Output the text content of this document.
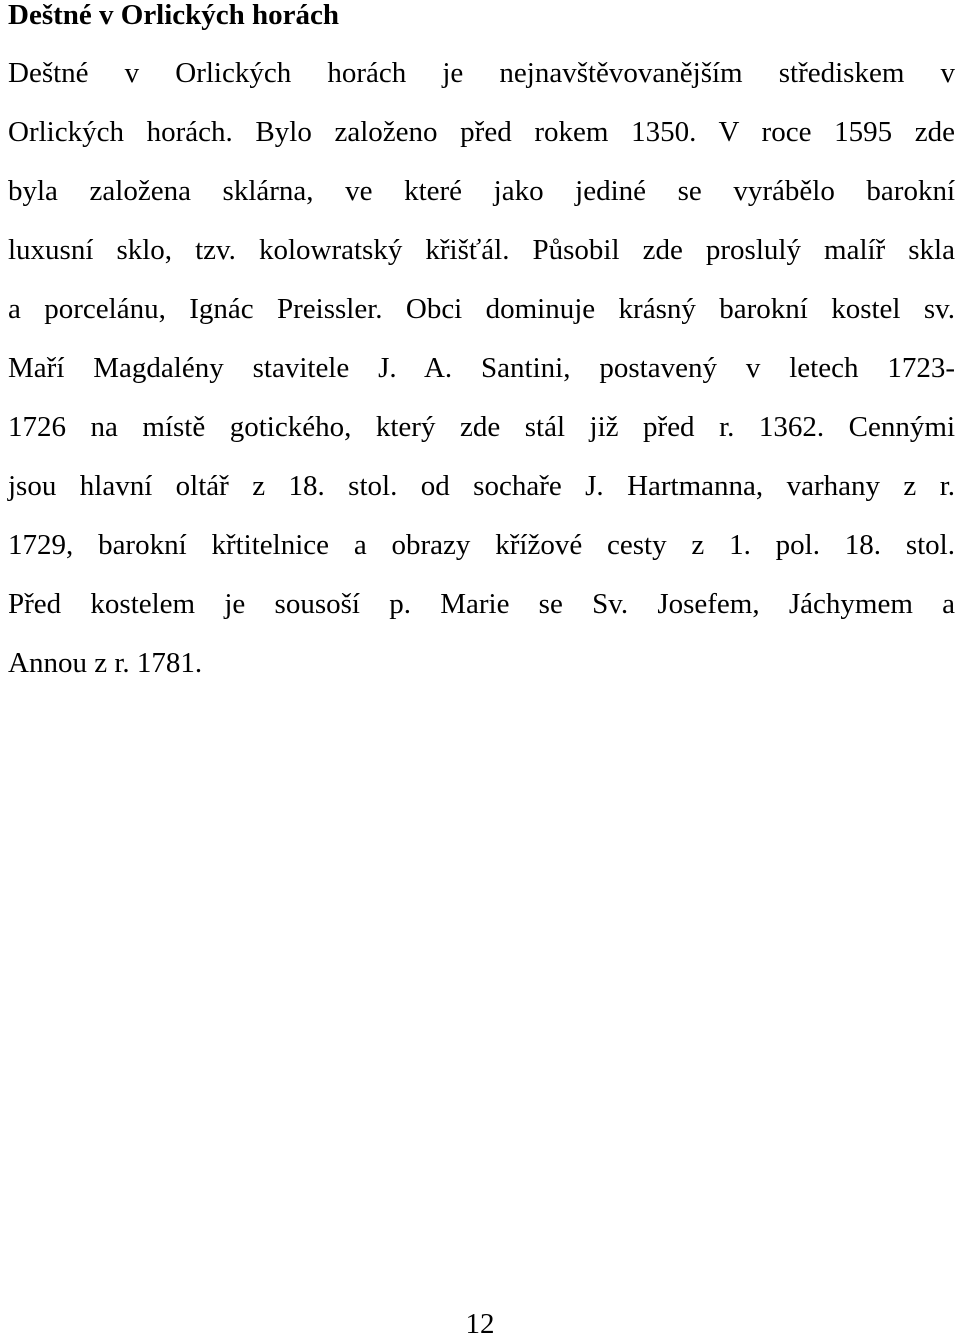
Deštné v Orlických horách

Deštné v Orlických horách je nejnavštěvovanějším střediskem v

Orlických horách. Bylo založeno před rokem 1350. V roce 1595 zde

byla založena sklárna, ve které jako jediné se vyrábělo barokní

luxusní sklo, tzv. kolowratský křišťál. Působil zde proslulý malíř skla

a porcelánu, Ignác Preissler. Obci dominuje krásný barokní kostel sv.

Maří Magdalény stavitele J. A. Santini, postavený v letech 1723-

1726 na místě gotického, který zde stál již před r. 1362. Cennými

jsou hlavní oltář z 18. stol. od sochaře J. Hartmanna, varhany z r.

1729, barokní křtitelnice a obrazy křížové cesty z 1. pol. 18. stol.

Před kostelem je sousoší p. Marie se Sv. Josefem, Jáchymem a

Annou z r. 1781.

12
